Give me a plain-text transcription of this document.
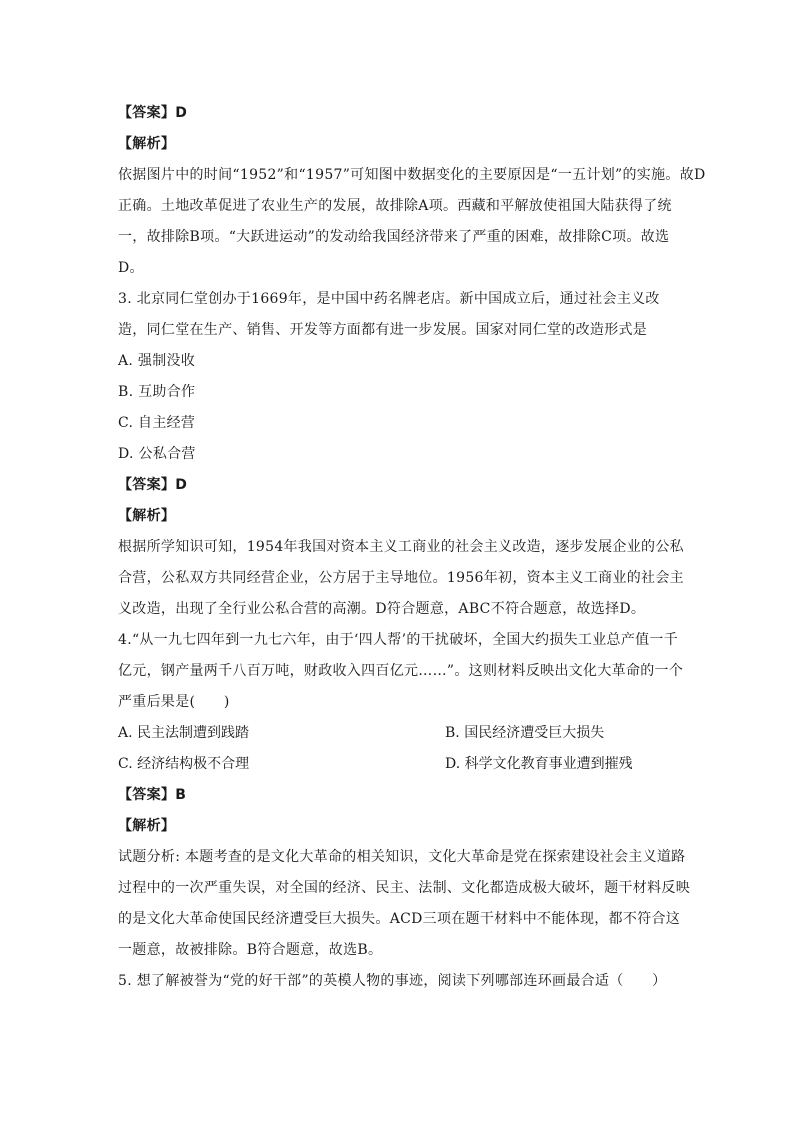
【答案】D
【解析】
依据图片中的时间“1952”和“1957”可知图中数据变化的主要原因是“一五计划”的实施。故D
正确。土地改革促进了农业生产的发展，故排除A项。西藏和平解放使祖国大陆获得了统
一，故排除B项。“大跃进运动”的发动给我国经济带来了严重的困难，故排除C项。故选
D。
3. 北京同仁堂创办于1669年，是中国中药名牌老店。新中国成立后，通过社会主义改
造，同仁堂在生产、销售、开发等方面都有进一步发展。国家对同仁堂的改造形式是
A. 强制没收
B. 互助合作
C. 自主经营
D. 公私合营
【答案】D
【解析】
根据所学知识可知，1954年我国对资本主义工商业的社会主义改造，逐步发展企业的公私
合营，公私双方共同经营企业，公方居于主导地位。1956年初，资本主义工商业的社会主
义改造，出现了全行业公私合营的高潮。D符合题意，ABC不符合题意，故选择D。
4.“从一九七四年到一九七六年，由于‘四人帮’的干扰破坏，全国大约损失工业总产值一千
亿元，钢产量两千八百万吨，财政收入四百亿元……”。这则材料反映出文化大革命的一个
严重后果是(　　)
A. 民主法制遭到践踏	B. 国民经济遭受巨大损失
C. 经济结构极不合理	D. 科学文化教育事业遭到摧残
【答案】B
【解析】
试题分析: 本题考查的是文化大革命的相关知识，文化大革命是党在探索建设社会主义道路
过程中的一次严重失误，对全国的经济、民主、法制、文化都造成极大破坏，题干材料反映
的是文化大革命使国民经济遭受巨大损失。ACD三项在题干材料中不能体现，都不符合这
一题意，故被排除。B符合题意，故选B。
5. 想了解被誉为“党的好干部”的英模人物的事迹，阅读下列哪部连环画最合适（　　）
